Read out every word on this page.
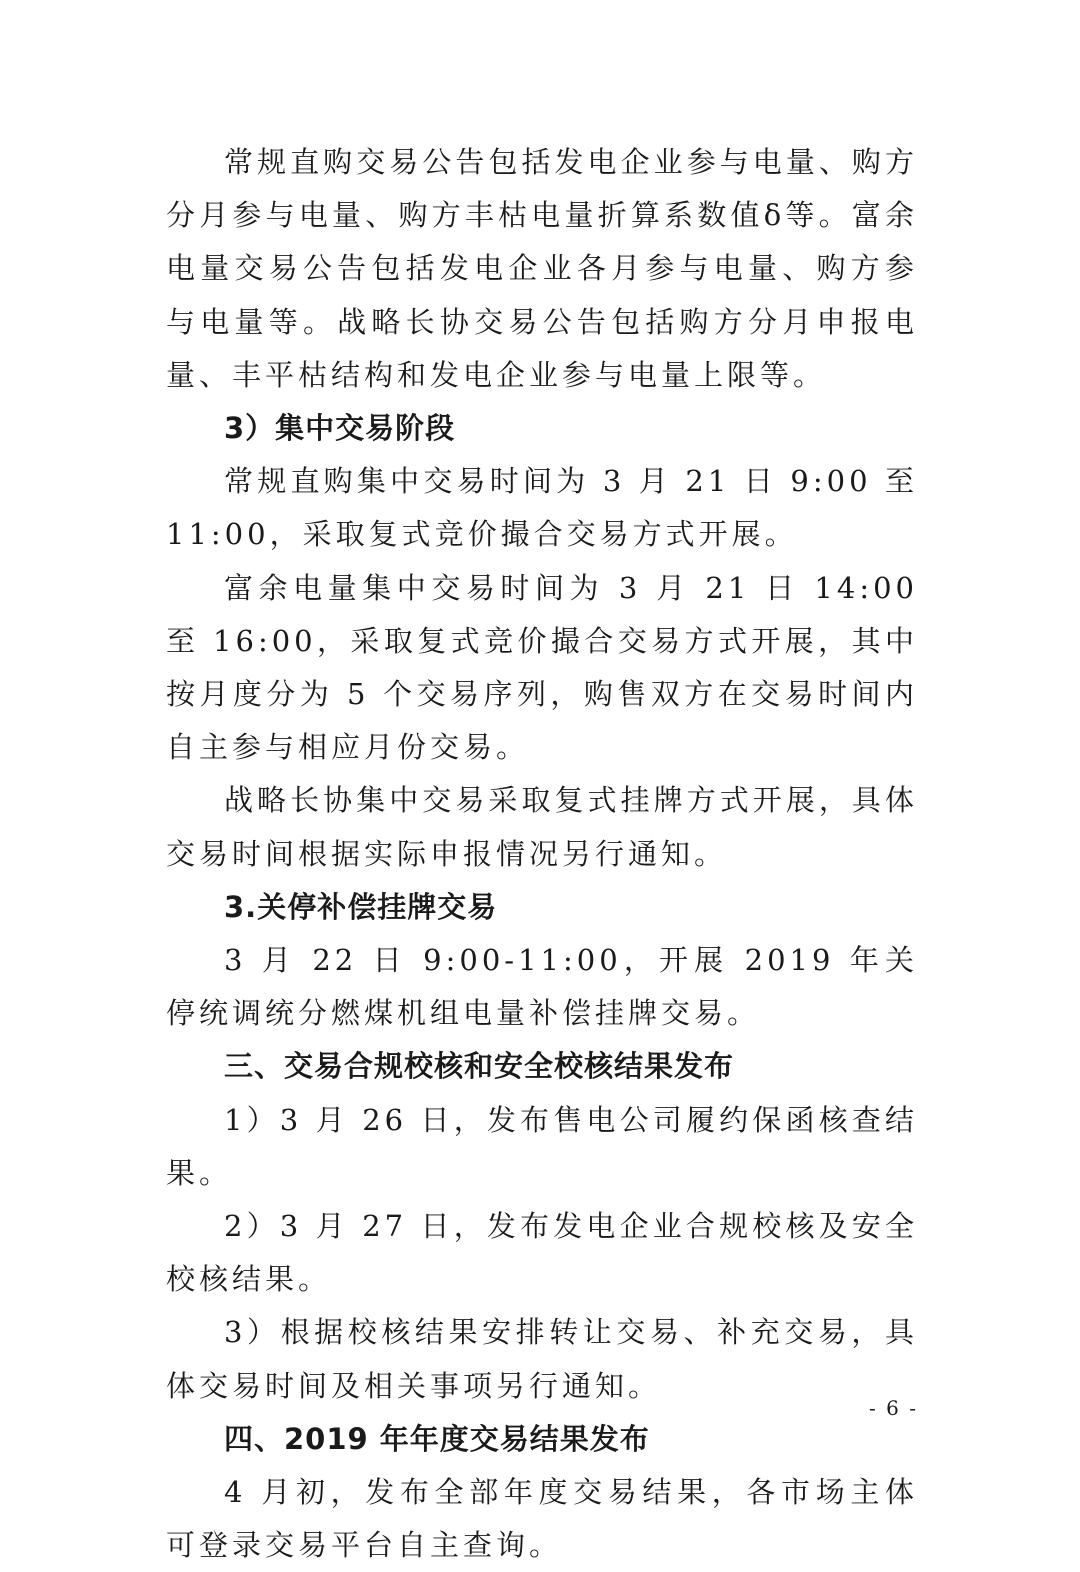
常规直购交易公告包括发电企业参与电量、购方分月参与电量、购方丰枯电量折算系数值δ等。富余电量交易公告包括发电企业各月参与电量、购方参与电量等。战略长协交易公告包括购方分月申报电量、丰平枯结构和发电企业参与电量上限等。

3）集中交易阶段

常规直购集中交易时间为 3 月 21 日 9:00 至 11:00，采取复式竞价撮合交易方式开展。

富余电量集中交易时间为 3 月 21 日 14:00 至 16:00，采取复式竞价撮合交易方式开展，其中按月度分为 5 个交易序列，购售双方在交易时间内自主参与相应月份交易。

战略长协集中交易采取复式挂牌方式开展，具体交易时间根据实际申报情况另行通知。

3.关停补偿挂牌交易

3 月 22 日 9:00-11:00，开展 2019 年关停统调统分燃煤机组电量补偿挂牌交易。

三、交易合规校核和安全校核结果发布

1）3 月 26 日，发布售电公司履约保函核查结果。

2）3 月 27 日，发布发电企业合规校核及安全校核结果。

3）根据校核结果安排转让交易、补充交易，具体交易时间及相关事项另行通知。

四、2019 年年度交易结果发布

4 月初，发布全部年度交易结果，各市场主体可登录交易平台自主查询。

- 6 -
